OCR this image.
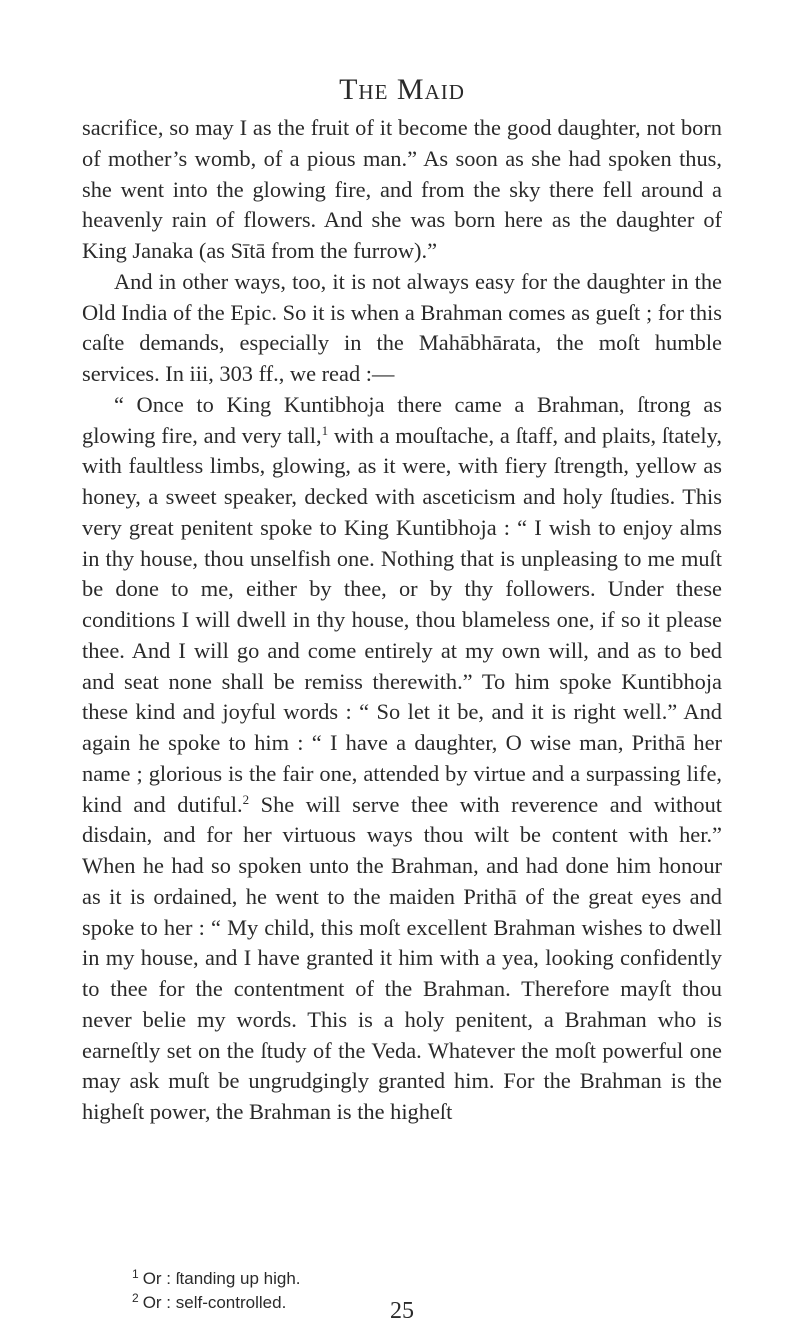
The Maid

sacrifice, so may I as the fruit of it become the good daughter, not born of mother’s womb, of a pious man.” As soon as she had spoken thus, she went into the glowing fire, and from the sky there fell around a heavenly rain of flowers. And she was born here as the daughter of King Janaka (as Sītā from the furrow).”

And in other ways, too, it is not always easy for the daughter in the Old India of the Epic. So it is when a Brahman comes as gueſt ; for this caſte demands, especially in the Mahābhārata, the moſt humble services. In iii, 303 ff., we read :—

“ Once to King Kuntibhoja there came a Brahman, ſtrong as glowing fire, and very tall,$^1$ with a mouſtache, a ſtaff, and plaits, ſtately, with faultless limbs, glowing, as it were, with fiery ſtrength, yellow as honey, a sweet speaker, decked with asceticism and holy ſtudies. This very great penitent spoke to King Kuntibhoja : “ I wish to enjoy alms in thy house, thou unselfish one. Nothing that is unpleasing to me muſt be done to me, either by thee, or by thy followers. Under these conditions I will dwell in thy house, thou blameless one, if so it please thee. And I will go and come entirely at my own will, and as to bed and seat none shall be remiss therewith.” To him spoke Kuntibhoja these kind and joyful words : “ So let it be, and it is right well.” And again he spoke to him : “ I have a daughter, O wise man, Prithā her name ; glorious is the fair one, attended by virtue and a surpassing life, kind and dutiful.$^2$ She will serve thee with reverence and without disdain, and for her virtuous ways thou wilt be content with her.” When he had so spoken unto the Brahman, and had done him honour as it is ordained, he went to the maiden Prithā of the great eyes and spoke to her : “ My child, this moſt excellent Brahman wishes to dwell in my house, and I have granted it him with a yea, looking confidently to thee for the contentment of the Brahman. Therefore mayſt thou never belie my words. This is a holy penitent, a Brahman who is earneſtly set on the ſtudy of the Veda. Whatever the moſt powerful one may ask muſt be ungrudgingly granted him. For the Brahman is the higheſt power, the Brahman is the higheſt

$^1$ Or : ſtanding up high.
$^2$ Or : self-controlled.	25
